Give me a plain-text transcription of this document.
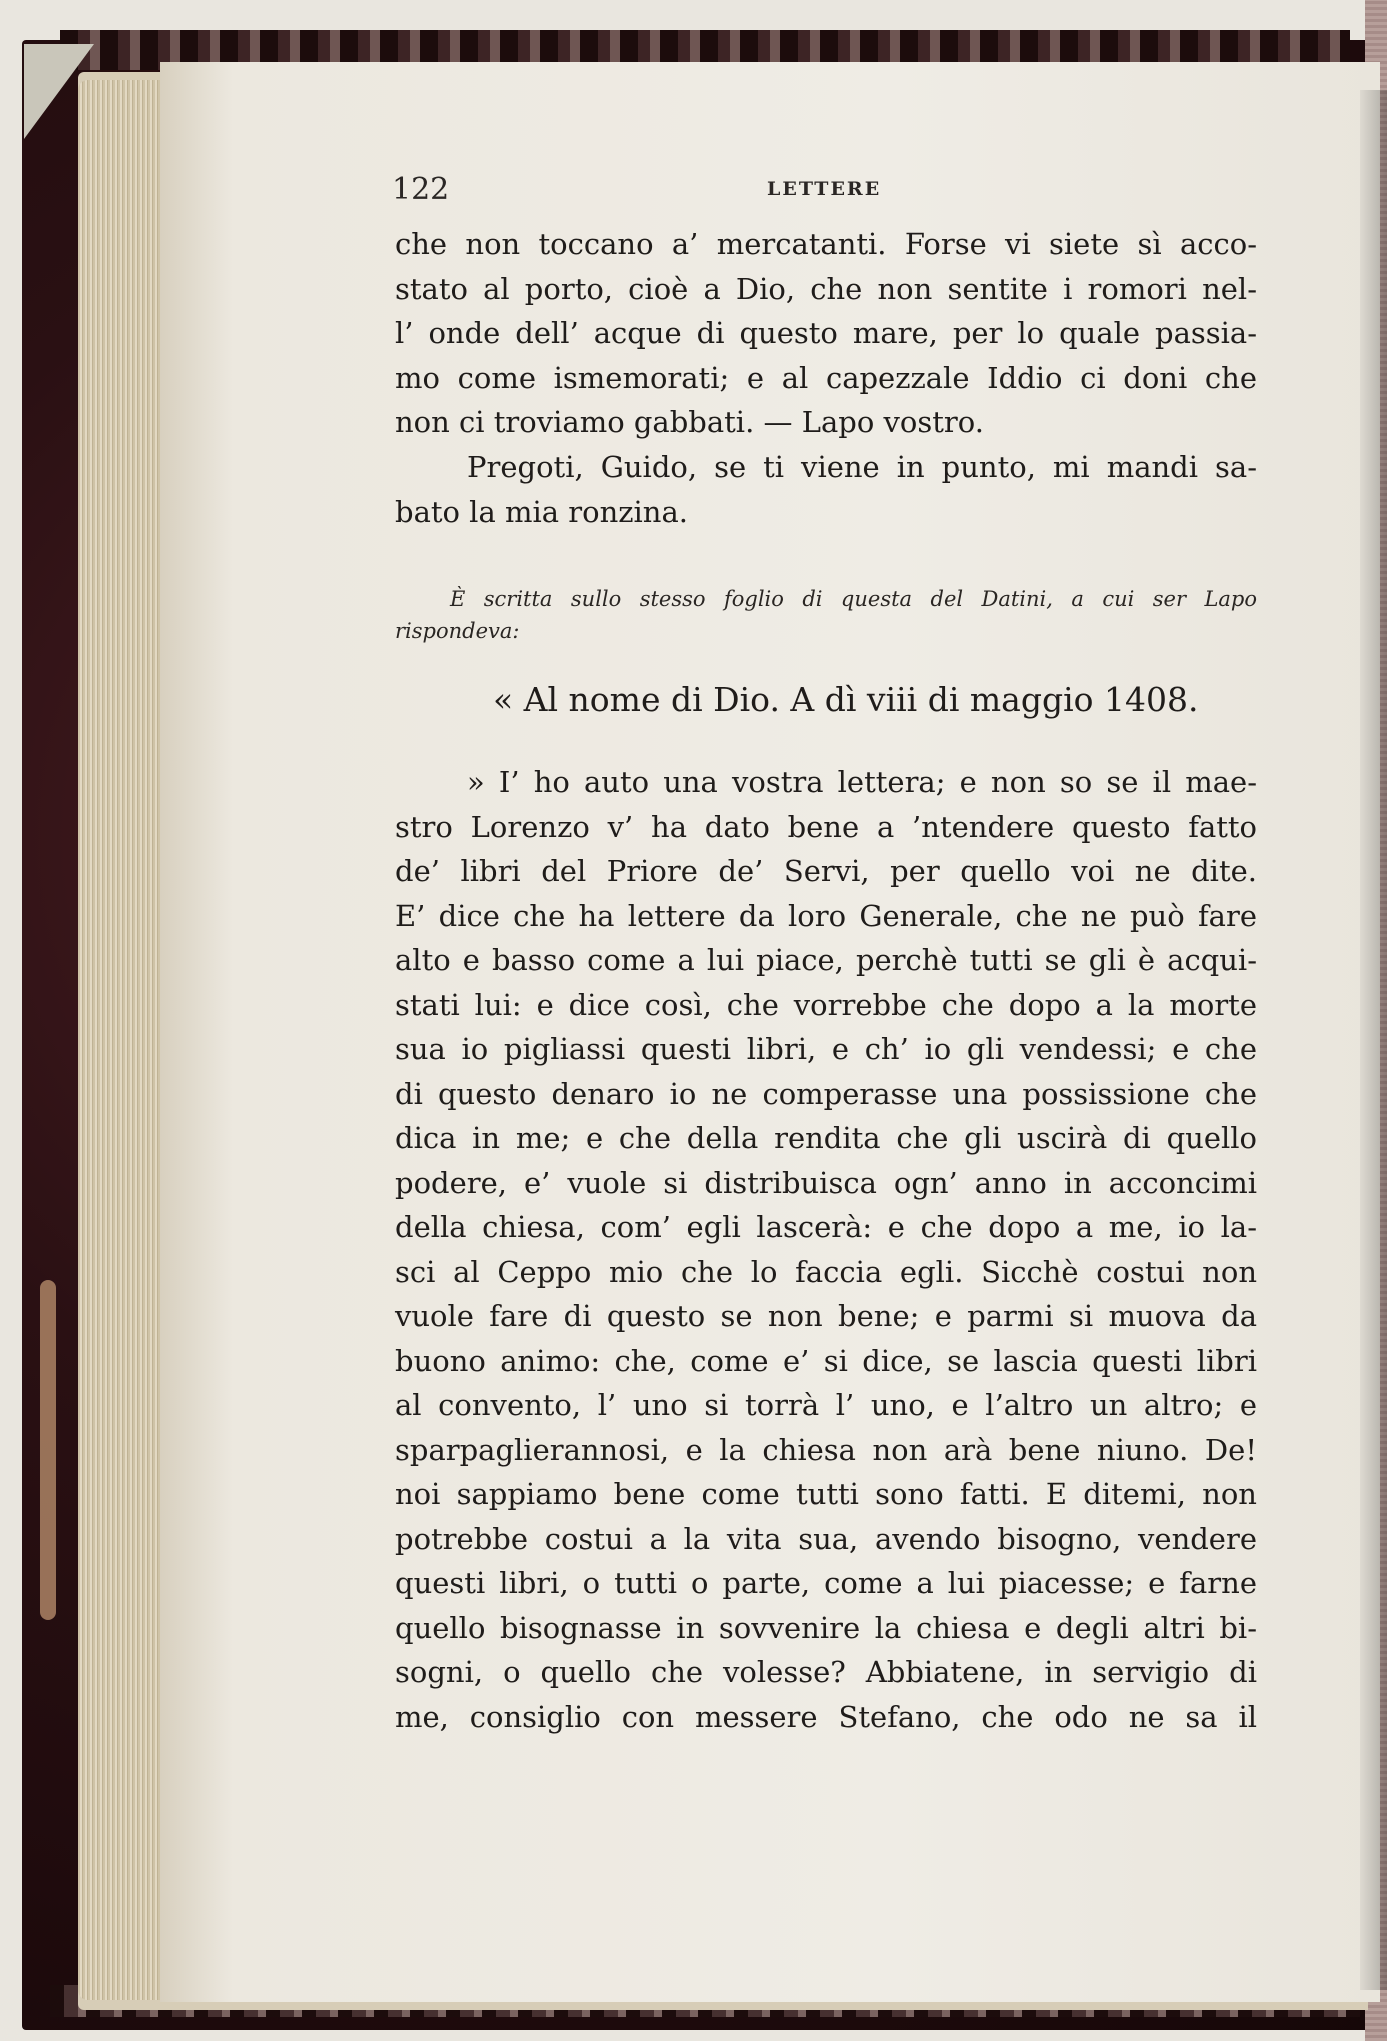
122	LETTERE
che non toccano a’ mercatanti. Forse vi siete sì acco-
stato al porto, cioè a Dio, che non sentite i romori nel-
l’ onde dell’ acque di questo mare, per lo quale passia-
mo come ismemorati; e al capezzale Iddio ci doni che
non ci troviamo gabbati. — Lapo vostro.
Pregoti, Guido, se ti viene in punto, mi mandi sa-
bato la mia ronzina.
È scritta sullo stesso foglio di questa del Datini, a cui ser Lapo
rispondeva:
« Al nome di Dio. A dì viii di maggio 1408.
» I’ ho auto una vostra lettera; e non so se il mae-
stro Lorenzo v’ ha dato bene a ’ntendere questo fatto
de’ libri del Priore de’ Servi, per quello voi ne dite.
E’ dice che ha lettere da loro Generale, che ne può fare
alto e basso come a lui piace, perchè tutti se gli è acqui-
stati lui: e dice così, che vorrebbe che dopo a la morte
sua io pigliassi questi libri, e ch’ io gli vendessi; e che
di questo denaro io ne comperasse una possissione che
dica in me; e che della rendita che gli uscirà di quello
podere, e’ vuole si distribuisca ogn’ anno in acconcimi
della chiesa, com’ egli lascerà: e che dopo a me, io la-
sci al Ceppo mio che lo faccia egli. Sicchè costui non
vuole fare di questo se non bene; e parmi si muova da
buono animo: che, come e’ si dice, se lascia questi libri
al convento, l’ uno si torrà l’ uno, e l’altro un altro; e
sparpaglierannosi, e la chiesa non arà bene niuno. De!
noi sappiamo bene come tutti sono fatti. E ditemi, non
potrebbe costui a la vita sua, avendo bisogno, vendere
questi libri, o tutti o parte, come a lui piacesse; e farne
quello bisognasse in sovvenire la chiesa e degli altri bi-
sogni, o quello che volesse? Abbiatene, in servigio di
me, consiglio con messere Stefano, che odo ne sa il
